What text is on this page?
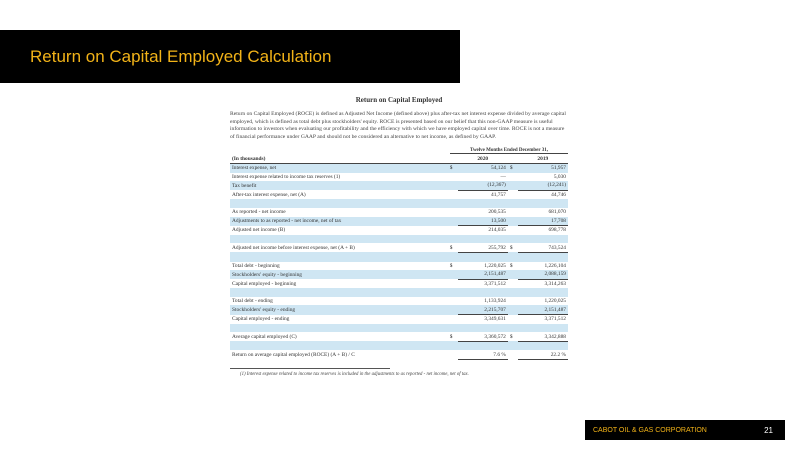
Return on Capital Employed Calculation
Return on Capital Employed

Return on Capital Employed (ROCE) is defined as Adjusted Net Income (defined above) plus after-tax net interest expense divided by average capital employed, which is defined as total debt plus stockholders' equity. ROCE is presented based on our belief that this non-GAAP measure is useful information to investors when evaluating our profitability and the efficiency with which we have employed capital over time. ROCE is not a measure of financial performance under GAAP and should not be considered an alternative to net income, as defined by GAAP.

Twelve Months Ended December 31,
(In thousands)		2020		2019
Interest expense, net	$	54,124	$	51,957
Interest expense related to income tax reserves (1)		—		5,030
Tax benefit		(12,367)		(12,241)
After-tax interest expense, net (A)		41,757		44,746

As reported - net income		200,535		681,070
Adjustments to as reported - net income, net of tax		13,500		17,708
Adjusted net income (B)		214,035		698,778

Adjusted net income before interest expense, net (A + B)	$	255,792	$	743,524

Total debt - beginning	$	1,220,025	$	1,226,104
Stockholders' equity - beginning		2,151,487		2,088,159
Capital employed - beginning		3,371,512		3,314,263

Total debt - ending		1,133,924		1,220,025
Stockholders' equity - ending		2,215,707		2,151,487
Capital employed - ending		3,349,631		3,371,512

Average capital employed (C)	$	3,360,572	$	3,342,888

Return on average capital employed (ROCE) (A + B) / C		7.6 %		22.2 %
(1) Interest expense related to income tax reserves is included in the adjustments to as reported - net income, net of tax.
CABOT OIL & GAS CORPORATION	21
